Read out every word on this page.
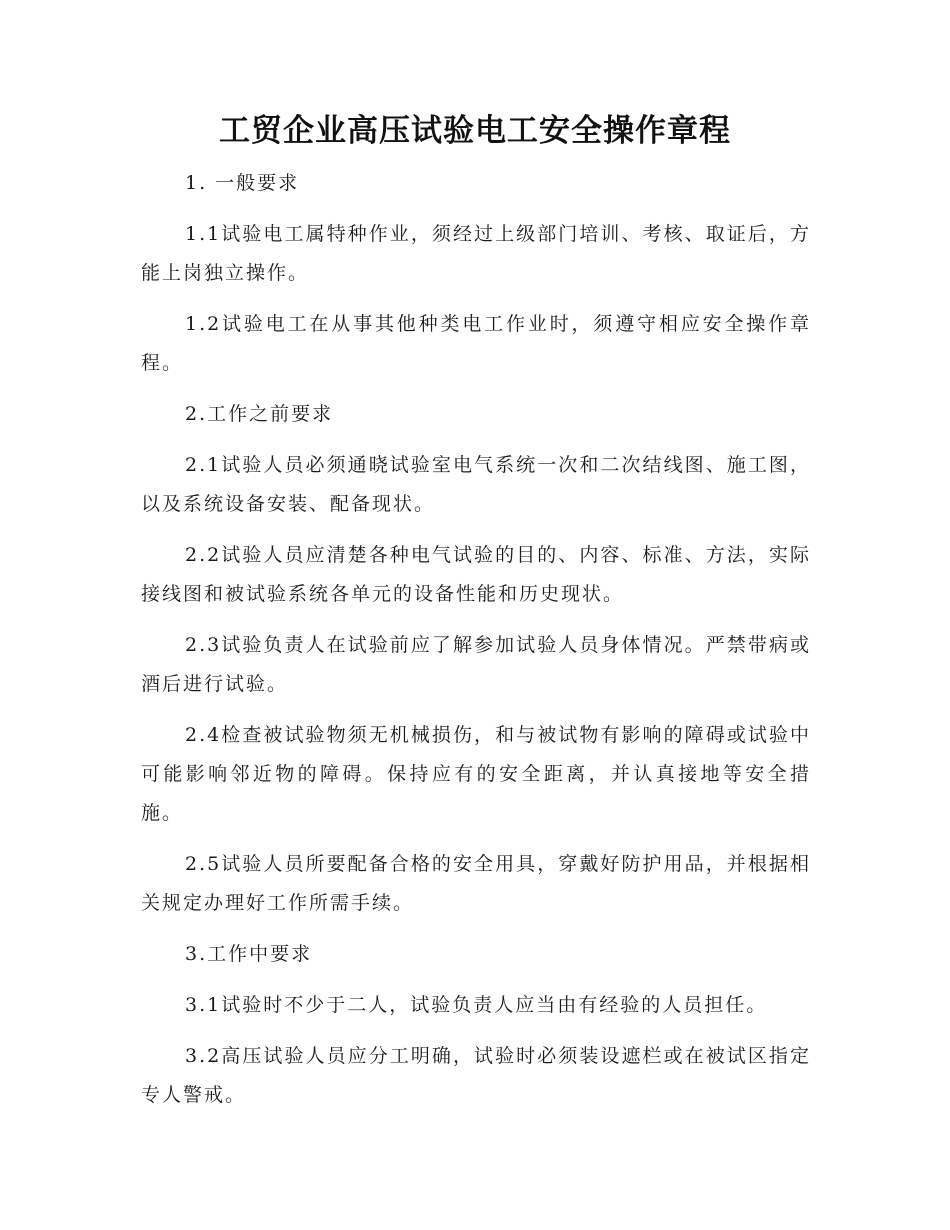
工贸企业高压试验电工安全操作章程

1. 一般要求

1.1试验电工属特种作业，须经过上级部门培训、考核、取证后，方能上岗独立操作。

1.2试验电工在从事其他种类电工作业时，须遵守相应安全操作章程。

2.工作之前要求

2.1试验人员必须通晓试验室电气系统一次和二次结线图、施工图，以及系统设备安装、配备现状。

2.2试验人员应清楚各种电气试验的目的、内容、标准、方法，实际接线图和被试验系统各单元的设备性能和历史现状。

2.3试验负责人在试验前应了解参加试验人员身体情况。严禁带病或酒后进行试验。

2.4检查被试验物须无机械损伤，和与被试物有影响的障碍或试验中可能影响邻近物的障碍。保持应有的安全距离，并认真接地等安全措施。

2.5试验人员所要配备合格的安全用具，穿戴好防护用品，并根据相关规定办理好工作所需手续。

3.工作中要求

3.1试验时不少于二人，试验负责人应当由有经验的人员担任。

3.2高压试验人员应分工明确，试验时必须装设遮栏或在被试区指定专人警戒。
